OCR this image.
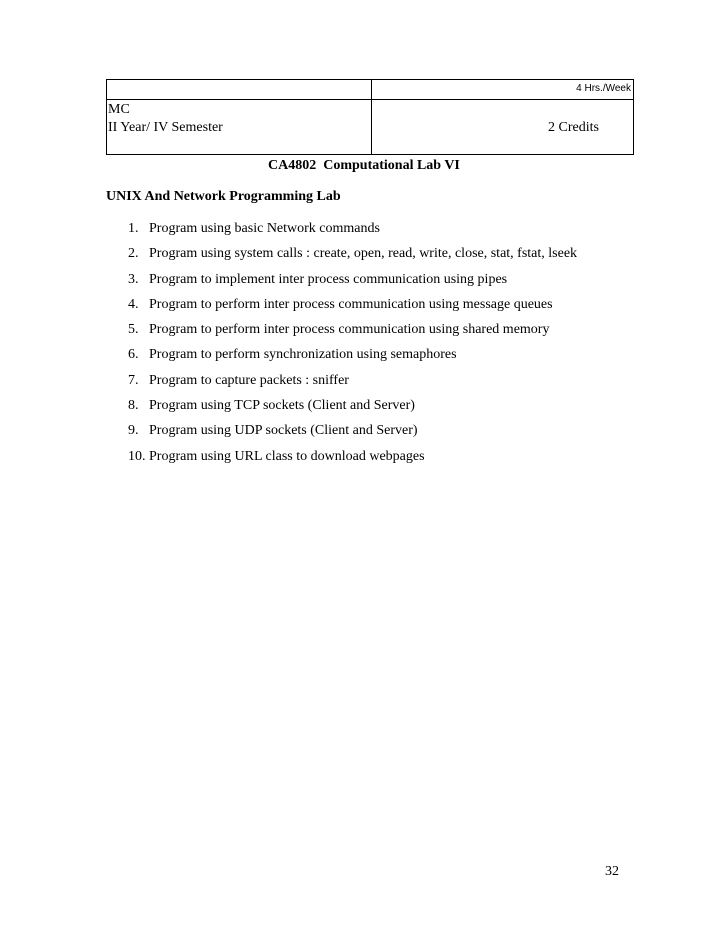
4 Hrs./Week
MC
II Year/ IV Semester	2 Credits
CA4802  Computational Lab VI
UNIX And Network Programming Lab
1. Program using basic Network commands
2. Program using system calls : create, open, read, write, close, stat, fstat, lseek
3. Program to implement inter process communication using pipes
4. Program to perform inter process communication using message queues
5. Program to perform inter process communication using shared memory
6. Program to perform synchronization using semaphores
7. Program to capture packets : sniffer
8. Program using TCP sockets (Client and Server)
9. Program using UDP sockets (Client and Server)
10. Program using URL class to download webpages
32
